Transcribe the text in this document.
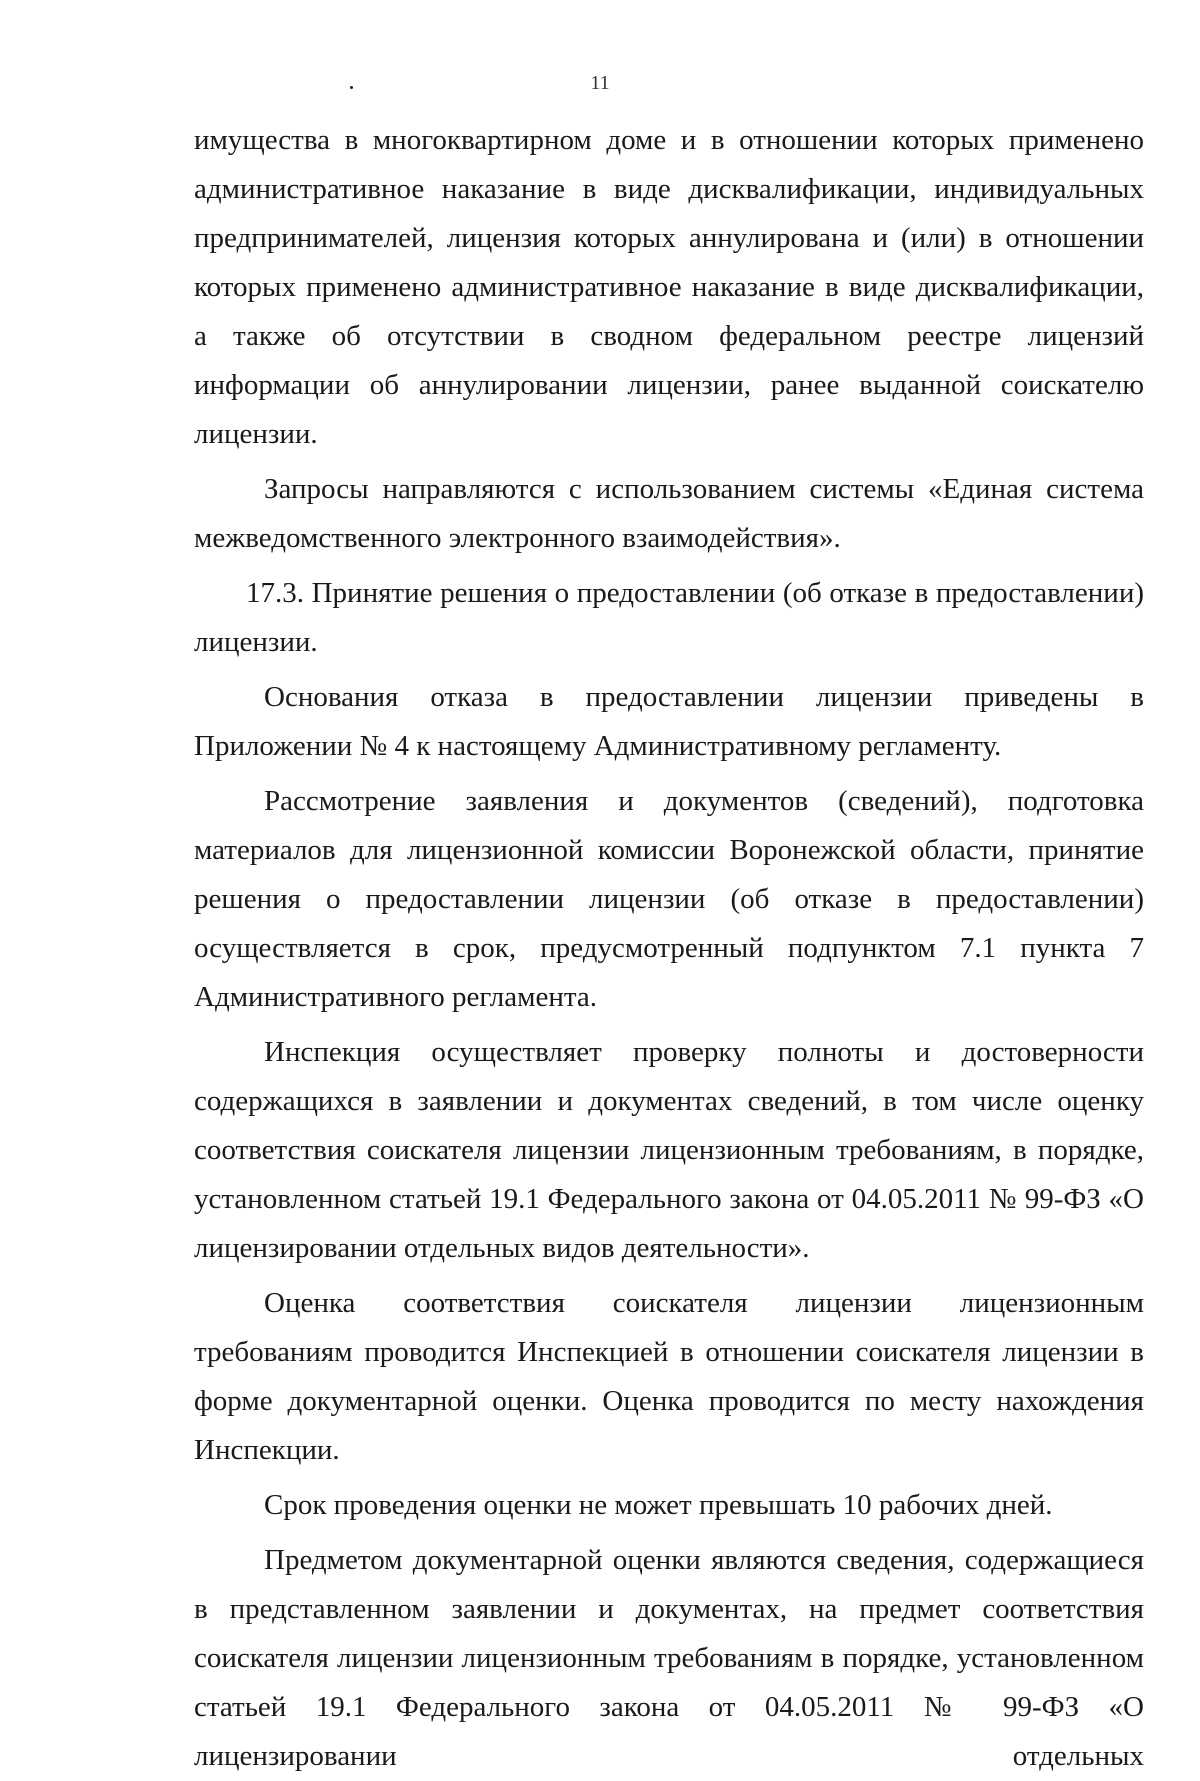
11

имущества в многоквартирном доме и в отношении которых применено административное наказание в виде дисквалификации, индивидуальных предпринимателей, лицензия которых аннулирована и (или) в отношении которых применено административное наказание в виде дисквалификации, а также об отсутствии в сводном федеральном реестре лицензий информации об аннулировании лицензии, ранее выданной соискателю лицензии.

Запросы направляются с использованием системы «Единая система межведомственного электронного взаимодействия».

17.3. Принятие решения о предоставлении (об отказе в предоставлении) лицензии.

Основания отказа в предоставлении лицензии приведены в Приложении № 4 к настоящему Административному регламенту.

Рассмотрение заявления и документов (сведений), подготовка материалов для лицензионной комиссии Воронежской области, принятие решения о предоставлении лицензии (об отказе в предоставлении) осуществляется в срок, предусмотренный подпунктом 7.1 пункта 7 Административного регламента.

Инспекция осуществляет проверку полноты и достоверности содержащихся в заявлении и документах сведений, в том числе оценку соответствия соискателя лицензии лицензионным требованиям, в порядке, установленном статьей 19.1 Федерального закона от 04.05.2011 № 99-ФЗ «О лицензировании отдельных видов деятельности».

Оценка соответствия соискателя лицензии лицензионным требованиям проводится Инспекцией в отношении соискателя лицензии в форме документарной оценки. Оценка проводится по месту нахождения Инспекции.

Срок проведения оценки не может превышать 10 рабочих дней.

Предметом документарной оценки являются сведения, содержащиеся в представленном заявлении и документах, на предмет соответствия соискателя лицензии лицензионным требованиям в порядке, установленном статьей 19.1 Федерального закона от 04.05.2011 № 99-ФЗ «О лицензировании отдельных
